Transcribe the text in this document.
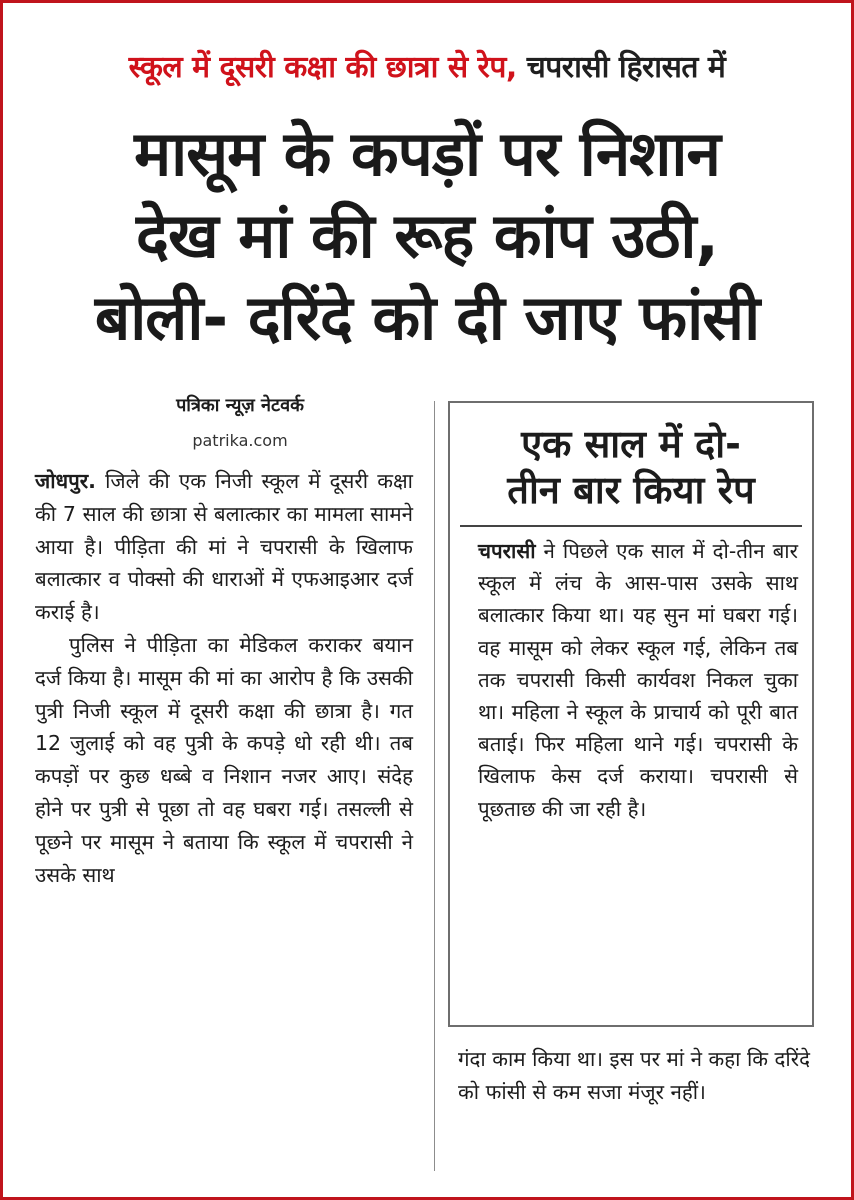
स्कूल में दूसरी कक्षा की छात्रा से रेप, चपरासी हिरासत में
मासूम के कपड़ों पर निशान
देख मां की रूह कांप उठी,
बोली- दरिंदे को दी जाए फांसी
पत्रिका न्यूज़ नेटवर्क
patrika.com

जोधपुर. जिले की एक निजी स्कूल में दूसरी कक्षा की 7 साल की छात्रा से बलात्कार का मामला सामने आया है। पीड़िता की मां ने चपरासी के खिलाफ बलात्कार व पोक्सो की धाराओं में एफआइआर दर्ज कराई है।

पुलिस ने पीड़िता का मेडिकल कराकर बयान दर्ज किया है। मासूम की मां का आरोप है कि उसकी पुत्री निजी स्कूल में दूसरी कक्षा की छात्रा है। गत 12 जुलाई को वह पुत्री के कपड़े धो रही थी। तब कपड़ों पर कुछ धब्बे व निशान नजर आए। संदेह होने पर पुत्री से पूछा तो वह घबरा गई। तसल्ली से पूछने पर मासूम ने बताया कि स्कूल में चपरासी ने उसके साथ

एक साल में दो-
तीन बार किया रेप

चपरासी ने पिछले एक साल में दो-तीन बार स्कूल में लंच के आस-पास उसके साथ बलात्कार किया था। यह सुन मां घबरा गई। वह मासूम को लेकर स्कूल गई, लेकिन तब तक चपरासी किसी कार्यवश निकल चुका था। महिला ने स्कूल के प्राचार्य को पूरी बात बताई। फिर महिला थाने गई। चपरासी के खिलाफ केस दर्ज कराया। चपरासी से पूछताछ की जा रही है।

गंदा काम किया था। इस पर मां ने कहा कि दरिंदे को फांसी से कम सजा मंजूर नहीं।
